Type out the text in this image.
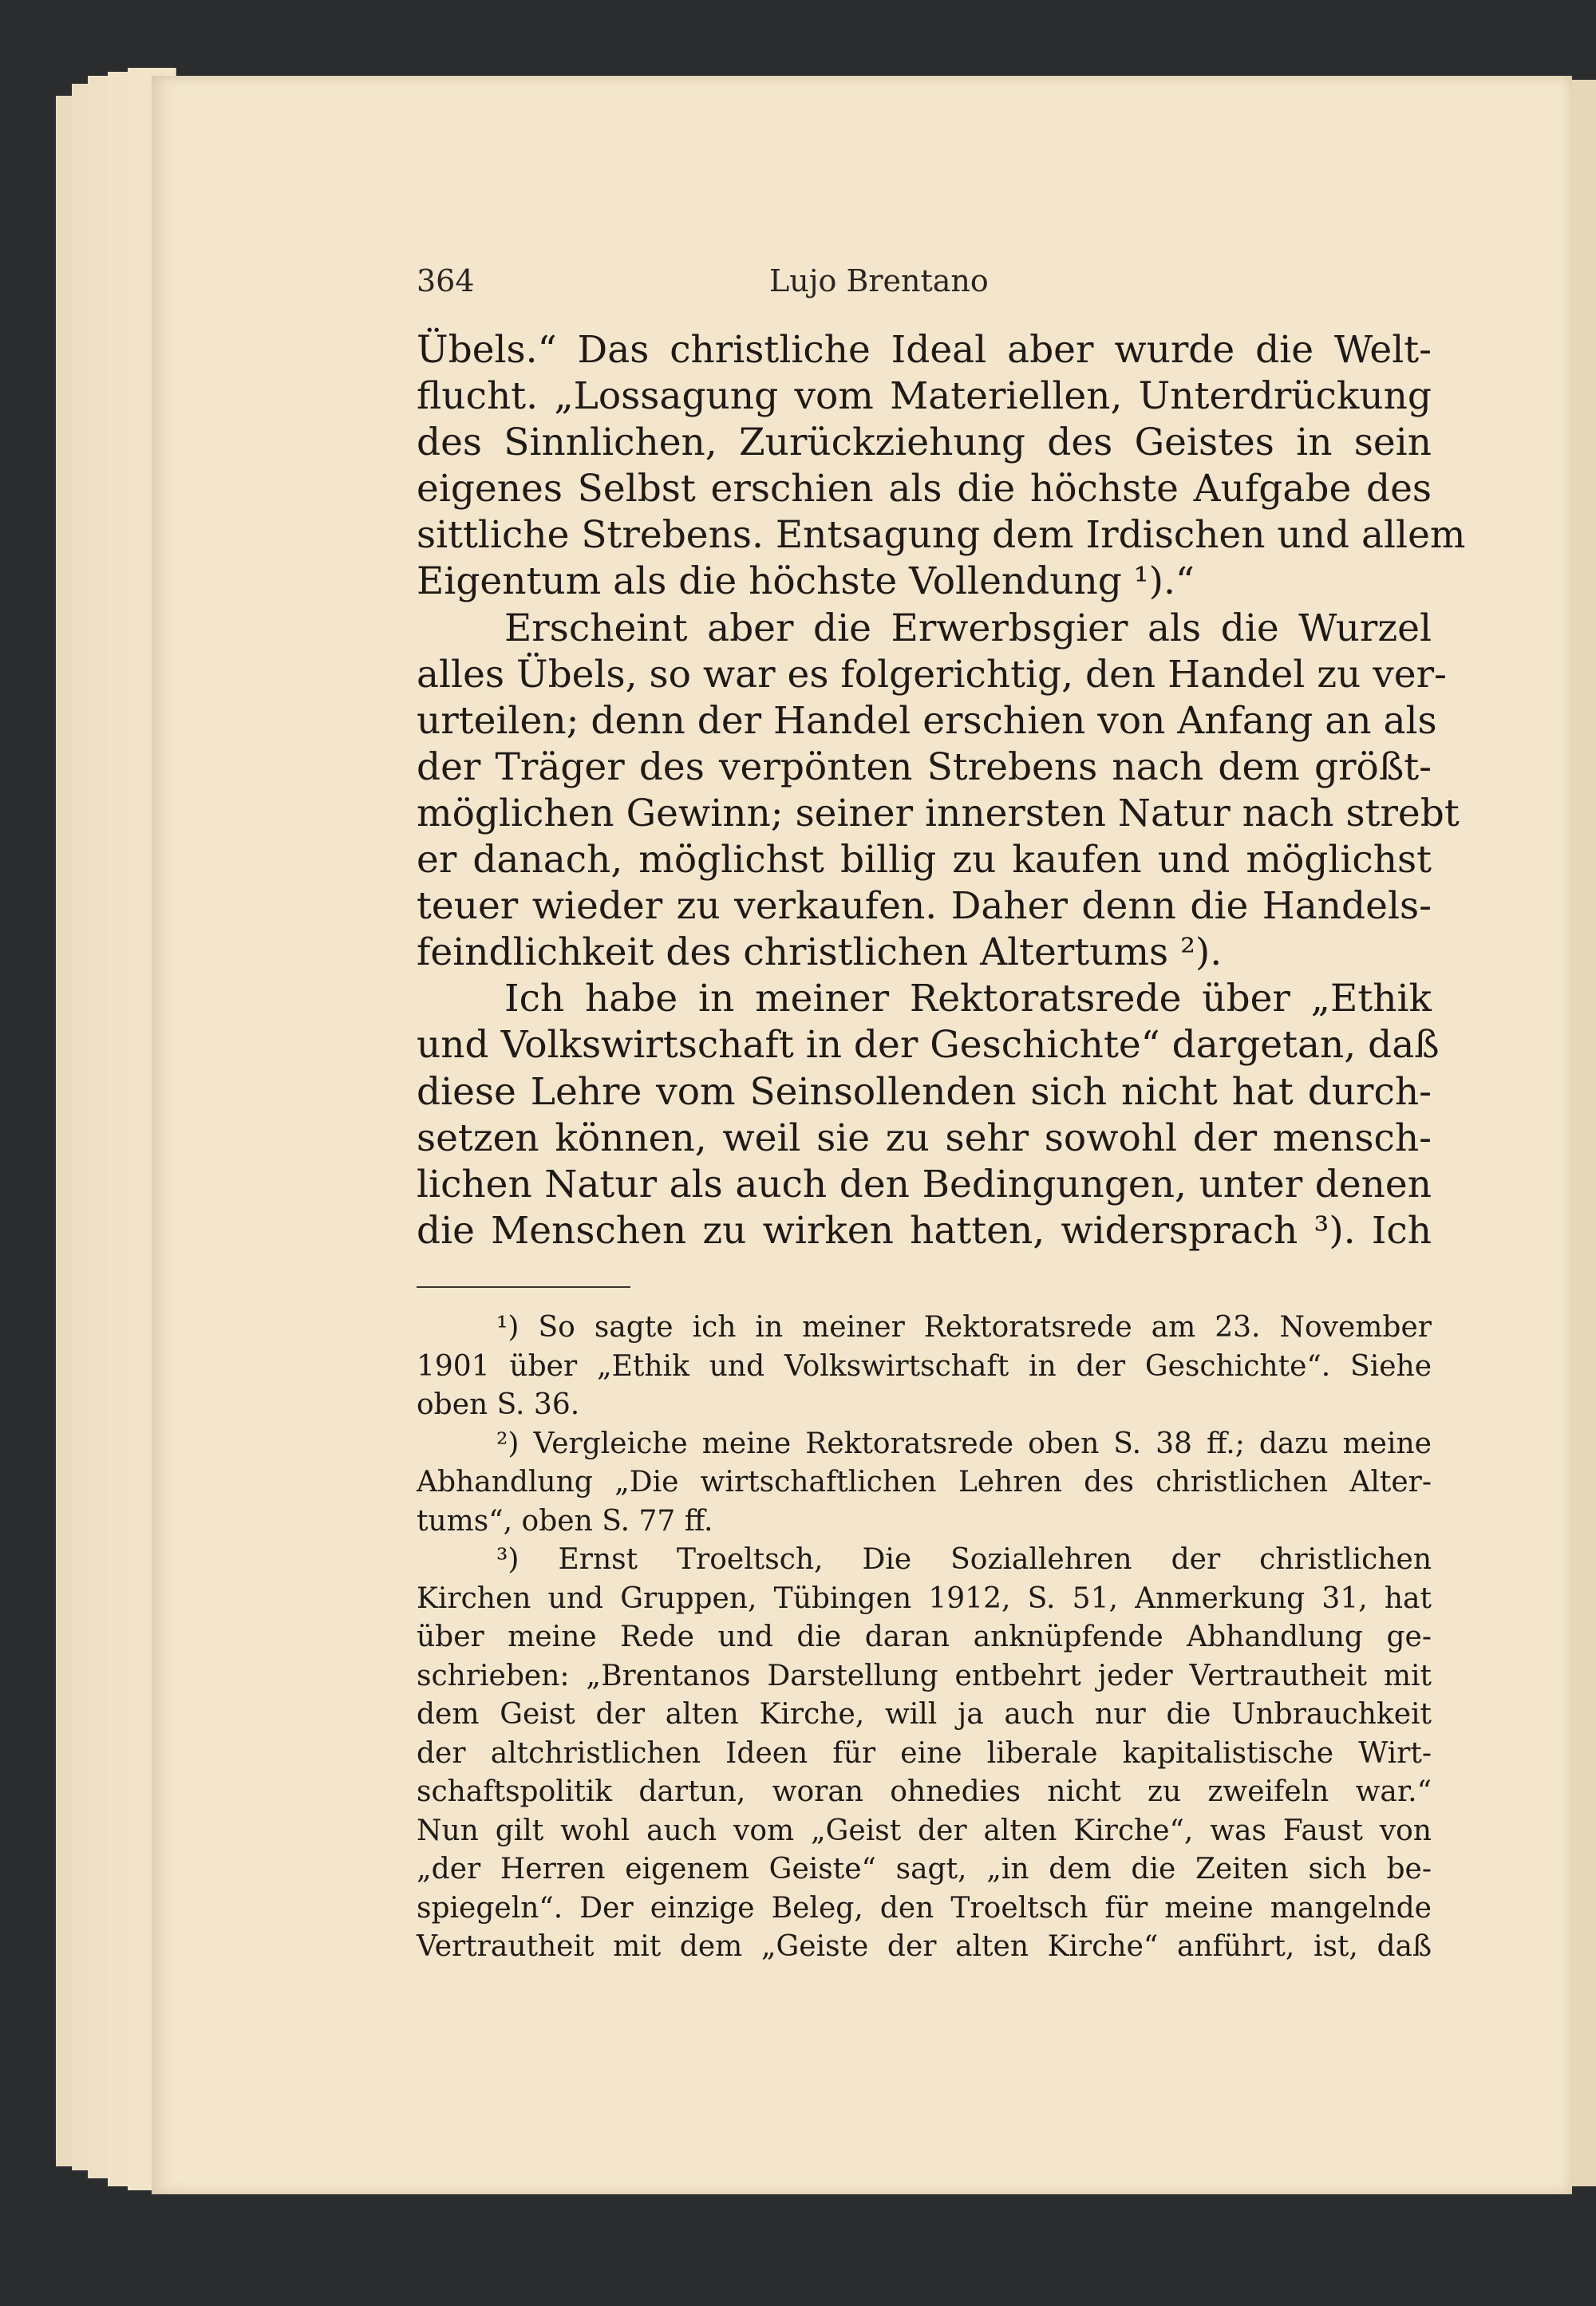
364	Lujo Brentano
Übels.“ Das christliche Ideal aber wurde die Welt-
flucht. „Lossagung vom Materiellen, Unterdrückung
des Sinnlichen, Zurückziehung des Geistes in sein
eigenes Selbst erschien als die höchste Aufgabe des
sittliche Strebens. Entsagung dem Irdischen und allem
Eigentum als die höchste Vollendung ¹).“
Erscheint aber die Erwerbsgier als die Wurzel
alles Übels, so war es folgerichtig, den Handel zu ver-
urteilen; denn der Handel erschien von Anfang an als
der Träger des verpönten Strebens nach dem größt-
möglichen Gewinn; seiner innersten Natur nach strebt
er danach, möglichst billig zu kaufen und möglichst
teuer wieder zu verkaufen. Daher denn die Handels-
feindlichkeit des christlichen Altertums ²).
Ich habe in meiner Rektoratsrede über „Ethik
und Volkswirtschaft in der Geschichte“ dargetan, daß
diese Lehre vom Seinsollenden sich nicht hat durch-
setzen können, weil sie zu sehr sowohl der mensch-
lichen Natur als auch den Bedingungen, unter denen
die Menschen zu wirken hatten, widersprach ³). Ich
¹) So sagte ich in meiner Rektoratsrede am 23. November
1901 über „Ethik und Volkswirtschaft in der Geschichte“. Siehe
oben S. 36.
²) Vergleiche meine Rektoratsrede oben S. 38 ff.; dazu meine
Abhandlung „Die wirtschaftlichen Lehren des christlichen Alter-
tums“, oben S. 77 ff.
³) Ernst Troeltsch, Die Soziallehren der christlichen
Kirchen und Gruppen, Tübingen 1912, S. 51, Anmerkung 31, hat
über meine Rede und die daran anknüpfende Abhandlung ge-
schrieben: „Brentanos Darstellung entbehrt jeder Vertrautheit mit
dem Geist der alten Kirche, will ja auch nur die Unbrauchkeit
der altchristlichen Ideen für eine liberale kapitalistische Wirt-
schaftspolitik dartun, woran ohnedies nicht zu zweifeln war.“
Nun gilt wohl auch vom „Geist der alten Kirche“, was Faust von
„der Herren eigenem Geiste“ sagt, „in dem die Zeiten sich be-
spiegeln“. Der einzige Beleg, den Troeltsch für meine mangelnde
Vertrautheit mit dem „Geiste der alten Kirche“ anführt, ist, daß
